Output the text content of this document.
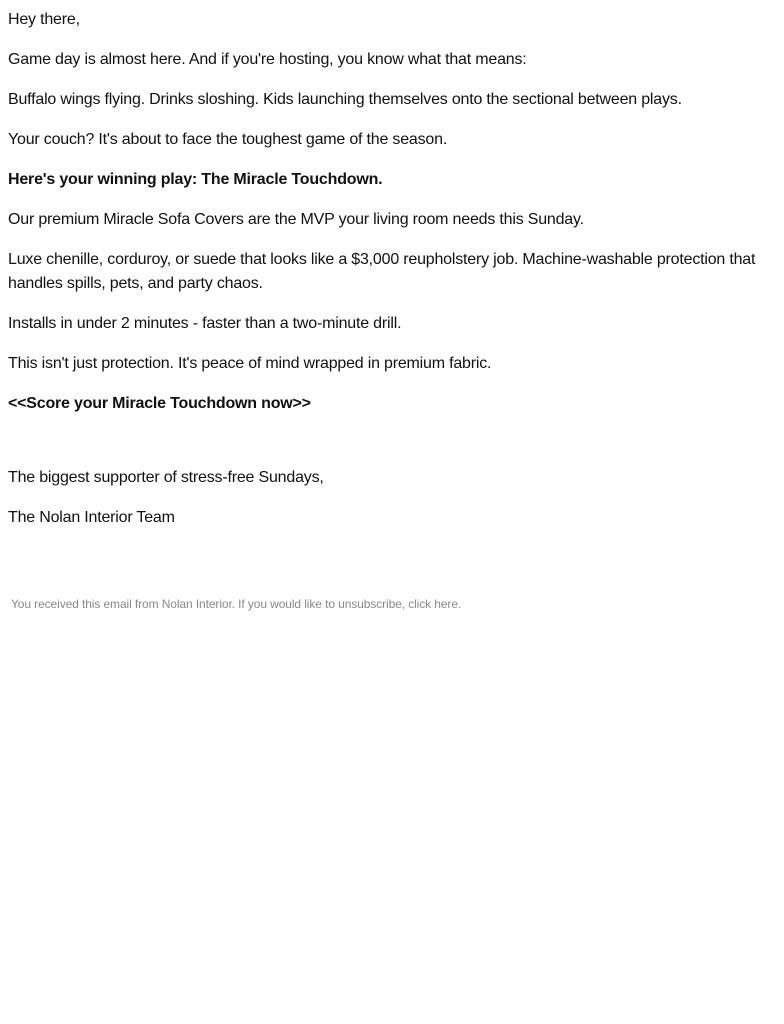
Hey there,

Game day is almost here. And if you're hosting, you know what that means:

Buffalo wings flying. Drinks sloshing. Kids launching themselves onto the sectional between plays.

Your couch? It's about to face the toughest game of the season.

Here's your winning play: The Miracle Touchdown.

Our premium Miracle Sofa Covers are the MVP your living room needs this Sunday.

Luxe chenille, corduroy, or suede that looks like a $3,000 reupholstery job. Machine-washable protection that handles spills, pets, and party chaos.

Installs in under 2 minutes - faster than a two-minute drill.

This isn't just protection. It's peace of mind wrapped in premium fabric.

<<Score your Miracle Touchdown now>>

The biggest supporter of stress-free Sundays,

The Nolan Interior Team

You received this email from Nolan Interior. If you would like to unsubscribe, click here.
